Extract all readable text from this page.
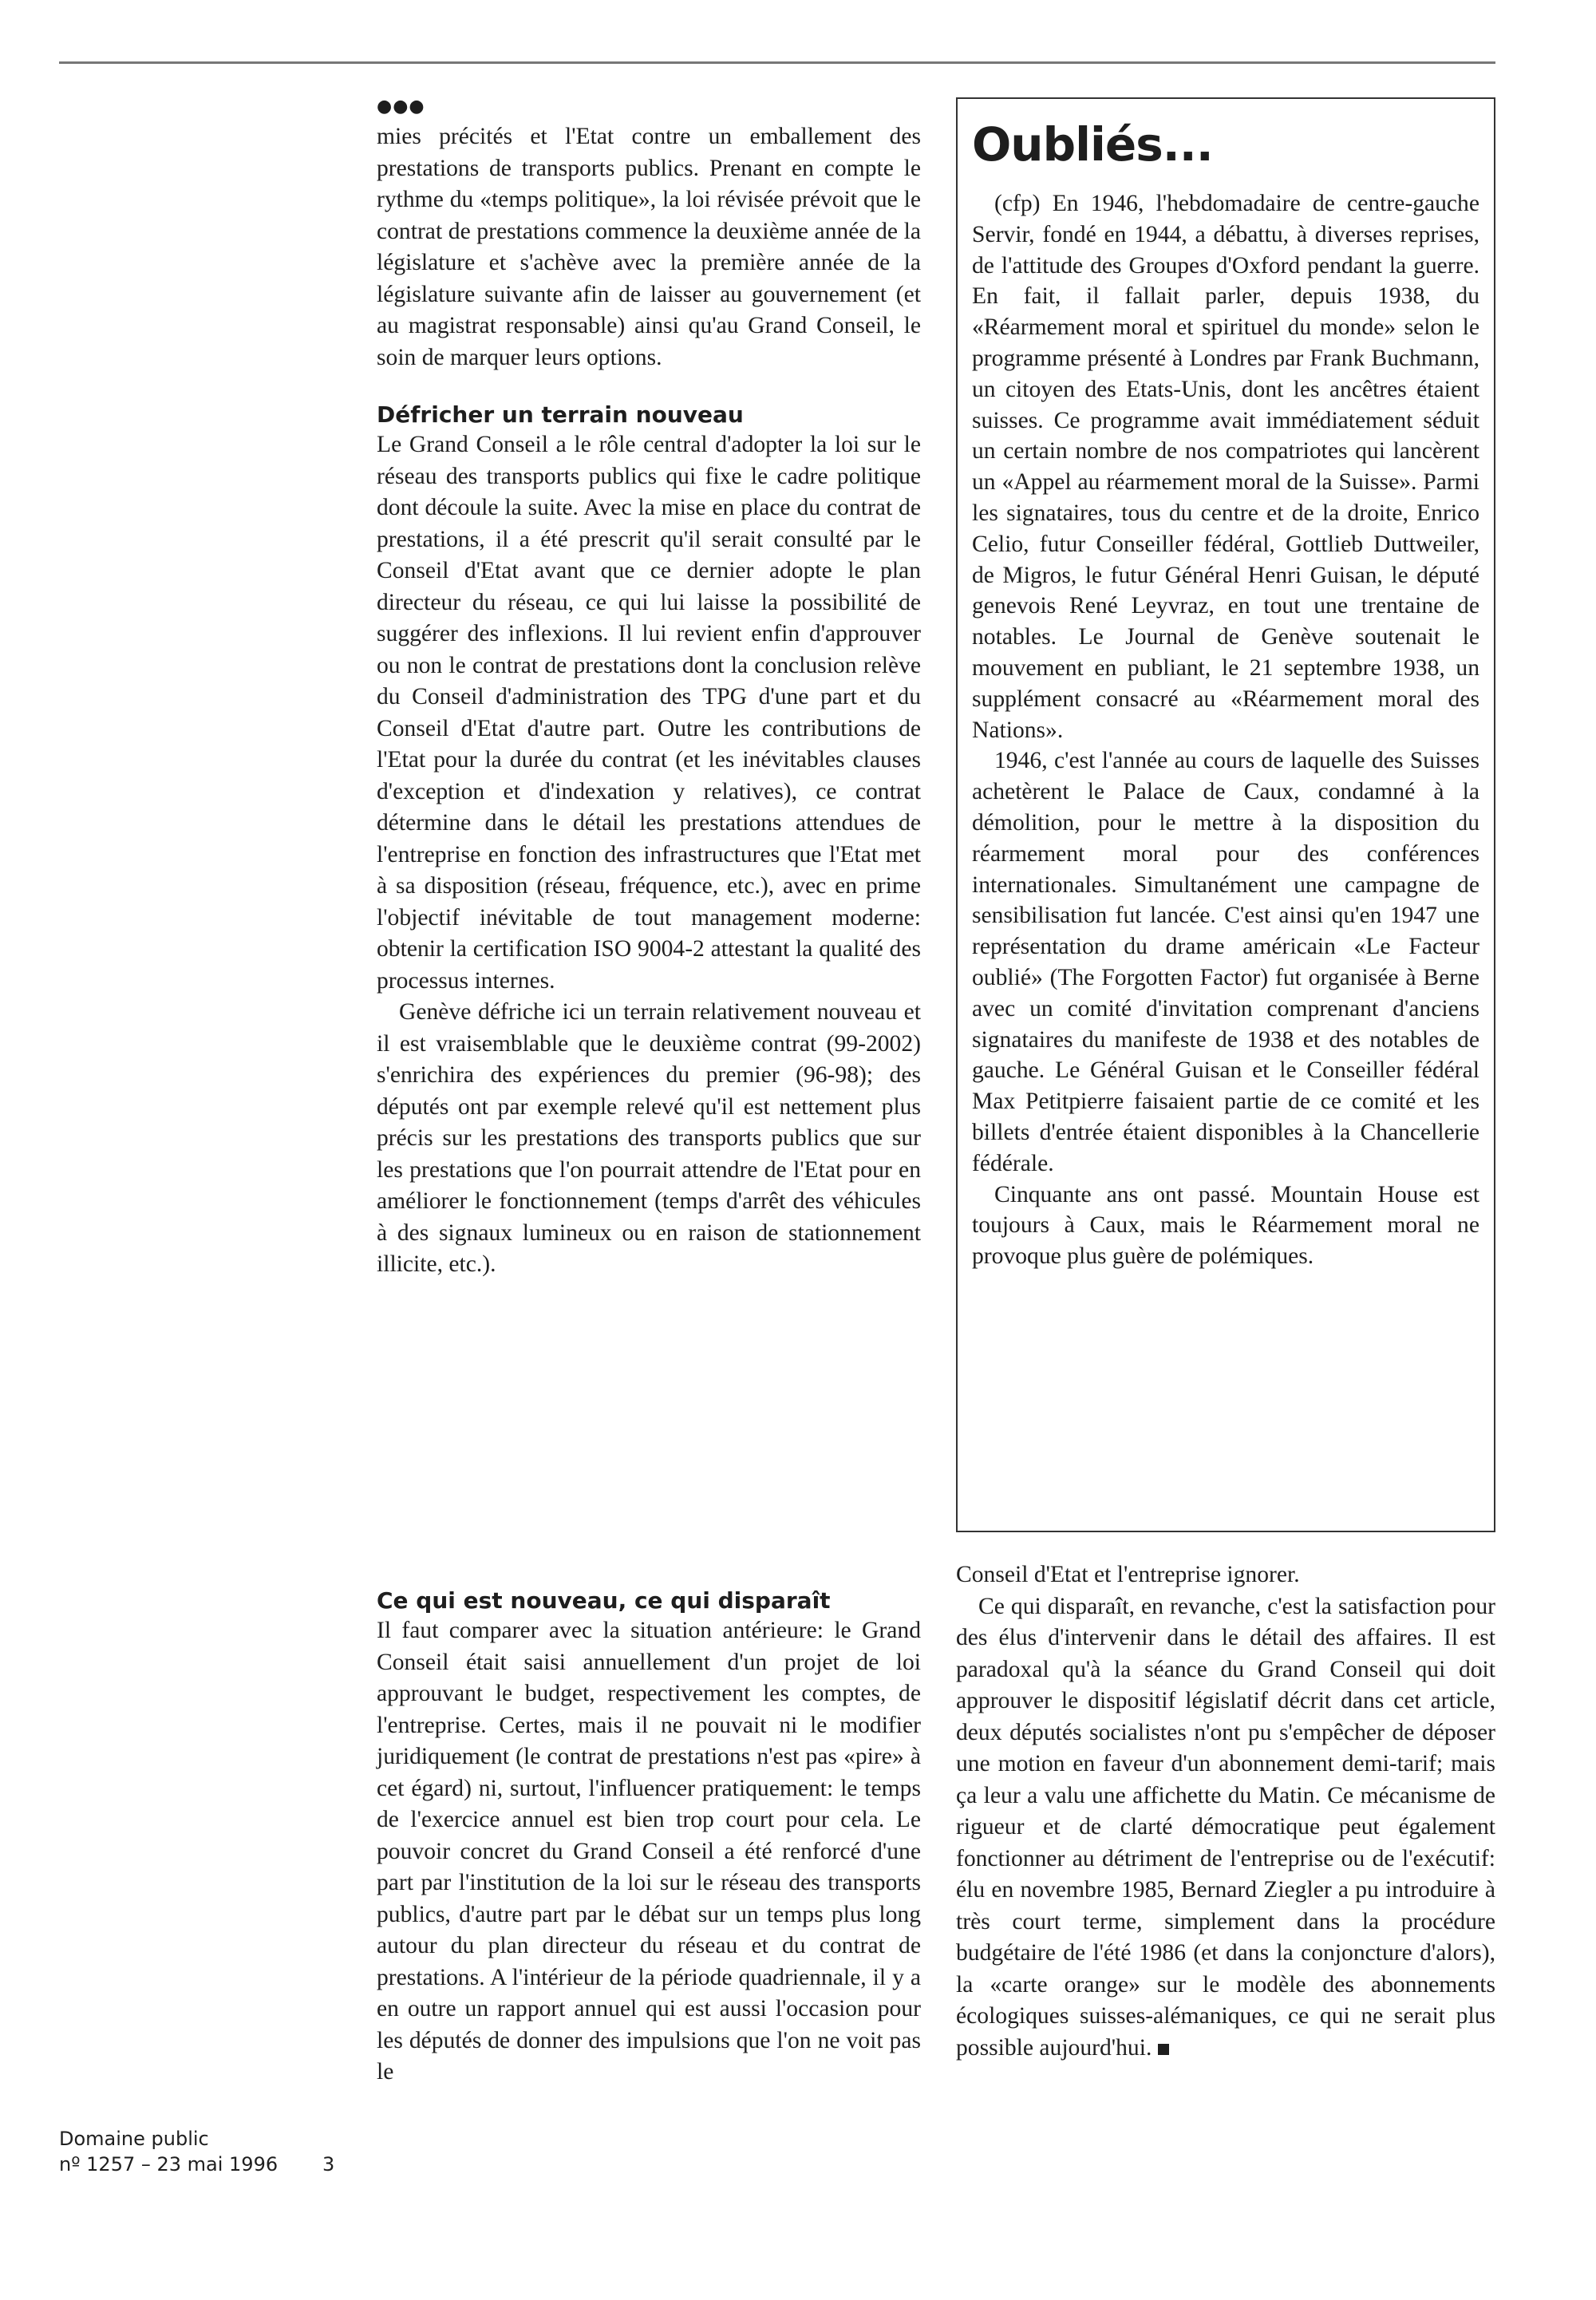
●●●

mies précités et l'Etat contre un emballement des prestations de transports publics. Prenant en compte le rythme du «temps politique», la loi révisée prévoit que le contrat de prestations commence la deuxième année de la législature et s'achève avec la première année de la législature suivante afin de laisser au gouvernement (et au magistrat responsable) ainsi qu'au Grand Conseil, le soin de marquer leurs options.

Défricher un terrain nouveau

Le Grand Conseil a le rôle central d'adopter la loi sur le réseau des transports publics qui fixe le cadre politique dont découle la suite. Avec la mise en place du contrat de prestations, il a été prescrit qu'il serait consulté par le Conseil d'Etat avant que ce dernier adopte le plan directeur du réseau, ce qui lui laisse la possibilité de suggérer des inflexions. Il lui revient enfin d'approuver ou non le contrat de prestations dont la conclusion relève du Conseil d'administration des TPG d'une part et du Conseil d'Etat d'autre part. Outre les contributions de l'Etat pour la durée du contrat (et les inévitables clauses d'exception et d'indexation y relatives), ce contrat détermine dans le détail les prestations attendues de l'entreprise en fonction des infrastructures que l'Etat met à sa disposition (réseau, fréquence, etc.), avec en prime l'objectif inévitable de tout management moderne: obtenir la certification ISO 9004-2 attestant la qualité des processus internes.

Genève défriche ici un terrain relativement nouveau et il est vraisemblable que le deuxième contrat (99-2002) s'enrichira des expériences du premier (96-98); des députés ont par exemple relevé qu'il est nettement plus précis sur les prestations des transports publics que sur les prestations que l'on pourrait attendre de l'Etat pour en améliorer le fonctionnement (temps d'arrêt des véhicules à des signaux lumineux ou en raison de stationnement illicite, etc.).

Ce qui est nouveau, ce qui disparaît

Il faut comparer avec la situation antérieure: le Grand Conseil était saisi annuellement d'un projet de loi approuvant le budget, respectivement les comptes, de l'entreprise. Certes, mais il ne pouvait ni le modifier juridiquement (le contrat de prestations n'est pas «pire» à cet égard) ni, surtout, l'influencer pratiquement: le temps de l'exercice annuel est bien trop court pour cela. Le pouvoir concret du Grand Conseil a été renforcé d'une part par l'institution de la loi sur le réseau des transports publics, d'autre part par le débat sur un temps plus long autour du plan directeur du réseau et du contrat de prestations. A l'intérieur de la période quadriennale, il y a en outre un rapport annuel qui est aussi l'occasion pour les députés de donner des impulsions que l'on ne voit pas le

Conseil d'Etat et l'entreprise ignorer.

Ce qui disparaît, en revanche, c'est la satisfaction pour des élus d'intervenir dans le détail des affaires. Il est paradoxal qu'à la séance du Grand Conseil qui doit approuver le dispositif législatif décrit dans cet article, deux députés socialistes n'ont pu s'empêcher de déposer une motion en faveur d'un abonnement demi-tarif; mais ça leur a valu une affichette du Matin. Ce mécanisme de rigueur et de clarté démocratique peut également fonctionner au détriment de l'entreprise ou de l'exécutif: élu en novembre 1985, Bernard Ziegler a pu introduire à très court terme, simplement dans la procédure budgétaire de l'été 1986 (et dans la conjoncture d'alors), la «carte orange» sur le modèle des abonnements écologiques suisses-alémaniques, ce qui ne serait plus possible aujourd'hui.

Oubliés...

(cfp) En 1946, l'hebdomadaire de centre-gauche Servir, fondé en 1944, a débattu, à diverses reprises, de l'attitude des Groupes d'Oxford pendant la guerre. En fait, il fallait parler, depuis 1938, du «Réarmement moral et spirituel du monde» selon le programme présenté à Londres par Frank Buchmann, un citoyen des Etats-Unis, dont les ancêtres étaient suisses. Ce programme avait immédiatement séduit un certain nombre de nos compatriotes qui lancèrent un «Appel au réarmement moral de la Suisse». Parmi les signataires, tous du centre et de la droite, Enrico Celio, futur Conseiller fédéral, Gottlieb Duttweiler, de Migros, le futur Général Henri Guisan, le député genevois René Leyvraz, en tout une trentaine de notables. Le Journal de Genève soutenait le mouvement en publiant, le 21 septembre 1938, un supplément consacré au «Réarmement moral des Nations».

1946, c'est l'année au cours de laquelle des Suisses achetèrent le Palace de Caux, condamné à la démolition, pour le mettre à la disposition du réarmement moral pour des conférences internationales. Simultanément une campagne de sensibilisation fut lancée. C'est ainsi qu'en 1947 une représentation du drame américain «Le Facteur oublié» (The Forgotten Factor) fut organisée à Berne avec un comité d'invitation comprenant d'anciens signataires du manifeste de 1938 et des notables de gauche. Le Général Guisan et le Conseiller fédéral Max Petitpierre faisaient partie de ce comité et les billets d'entrée étaient disponibles à la Chancellerie fédérale.

Cinquante ans ont passé. Mountain House est toujours à Caux, mais le Réarmement moral ne provoque plus guère de polémiques.

Domaine public
nº 1257 – 23 mai 1996 3
